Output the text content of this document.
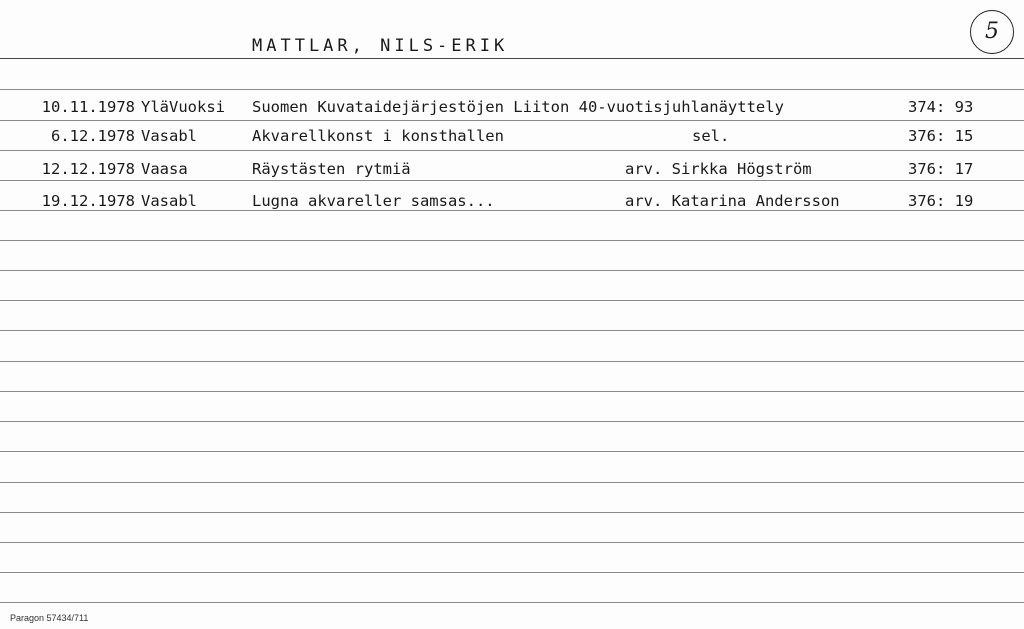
MATTLAR, NILS-ERIK
5
10.11.1978 YläVuoksi Suomen Kuvataidejärjestöjen Liiton 40-vuotisjuhlanäyttely	374: 93
6.12.1978 Vasabl	Akvarellkonst i konsthallen	sel.	376: 15
12.12.1978 Vaasa	Räystästen rytmiä	arv. Sirkka Högström	376: 17
19.12.1978 Vasabl	Lugna akvareller samsas...	arv. Katarina Andersson	376: 19
Paragon 57434/711
